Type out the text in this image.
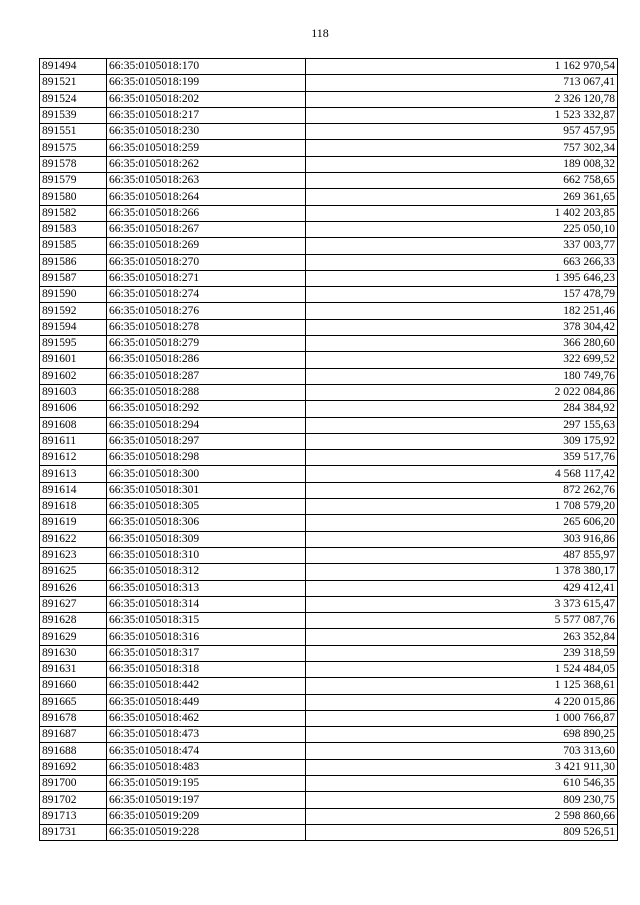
118
891494	66:35:0105018:170	1 162 970,54
891521	66:35:0105018:199	713 067,41
891524	66:35:0105018:202	2 326 120,78
891539	66:35:0105018:217	1 523 332,87
891551	66:35:0105018:230	957 457,95
891575	66:35:0105018:259	757 302,34
891578	66:35:0105018:262	189 008,32
891579	66:35:0105018:263	662 758,65
891580	66:35:0105018:264	269 361,65
891582	66:35:0105018:266	1 402 203,85
891583	66:35:0105018:267	225 050,10
891585	66:35:0105018:269	337 003,77
891586	66:35:0105018:270	663 266,33
891587	66:35:0105018:271	1 395 646,23
891590	66:35:0105018:274	157 478,79
891592	66:35:0105018:276	182 251,46
891594	66:35:0105018:278	378 304,42
891595	66:35:0105018:279	366 280,60
891601	66:35:0105018:286	322 699,52
891602	66:35:0105018:287	180 749,76
891603	66:35:0105018:288	2 022 084,86
891606	66:35:0105018:292	284 384,92
891608	66:35:0105018:294	297 155,63
891611	66:35:0105018:297	309 175,92
891612	66:35:0105018:298	359 517,76
891613	66:35:0105018:300	4 568 117,42
891614	66:35:0105018:301	872 262,76
891618	66:35:0105018:305	1 708 579,20
891619	66:35:0105018:306	265 606,20
891622	66:35:0105018:309	303 916,86
891623	66:35:0105018:310	487 855,97
891625	66:35:0105018:312	1 378 380,17
891626	66:35:0105018:313	429 412,41
891627	66:35:0105018:314	3 373 615,47
891628	66:35:0105018:315	5 577 087,76
891629	66:35:0105018:316	263 352,84
891630	66:35:0105018:317	239 318,59
891631	66:35:0105018:318	1 524 484,05
891660	66:35:0105018:442	1 125 368,61
891665	66:35:0105018:449	4 220 015,86
891678	66:35:0105018:462	1 000 766,87
891687	66:35:0105018:473	698 890,25
891688	66:35:0105018:474	703 313,60
891692	66:35:0105018:483	3 421 911,30
891700	66:35:0105019:195	610 546,35
891702	66:35:0105019:197	809 230,75
891713	66:35:0105019:209	2 598 860,66
891731	66:35:0105019:228	809 526,51
